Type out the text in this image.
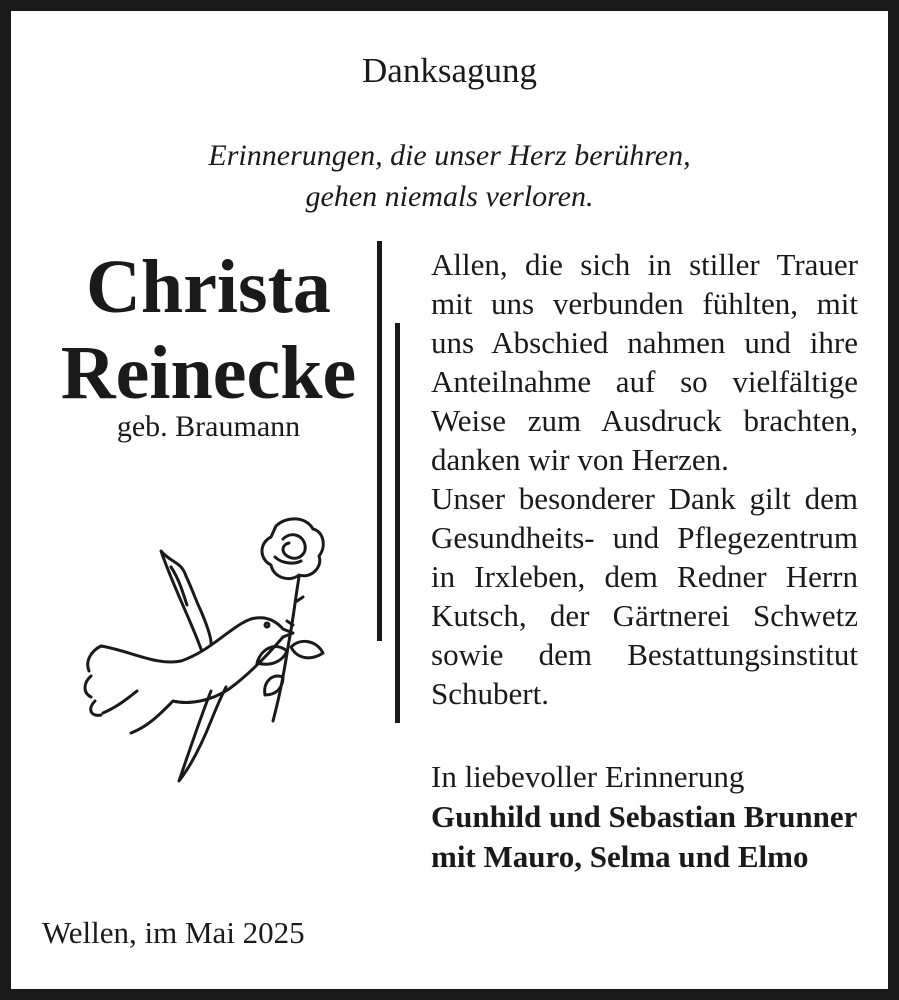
Danksagung
Erinnerungen, die unser Herz berühren,
gehen niemals verloren.
Christa
Reinecke
geb. Braumann

Allen, die sich in stiller Trauer mit uns verbunden fühlten, mit uns Abschied nahmen und ihre Anteilnahme auf so vielfältige Weise zum Ausdruck brachten, danken wir von Herzen.

Unser besonderer Dank gilt dem Gesundheits- und Pflegezentrum in Irxleben, dem Redner Herrn Kutsch, der Gärtnerei Schwetz sowie dem Bestattungsinstitut Schubert.

In liebevoller Erinnerung
Gunhild und Sebastian Brunner
mit Mauro, Selma und Elmo
Wellen, im Mai 2025
